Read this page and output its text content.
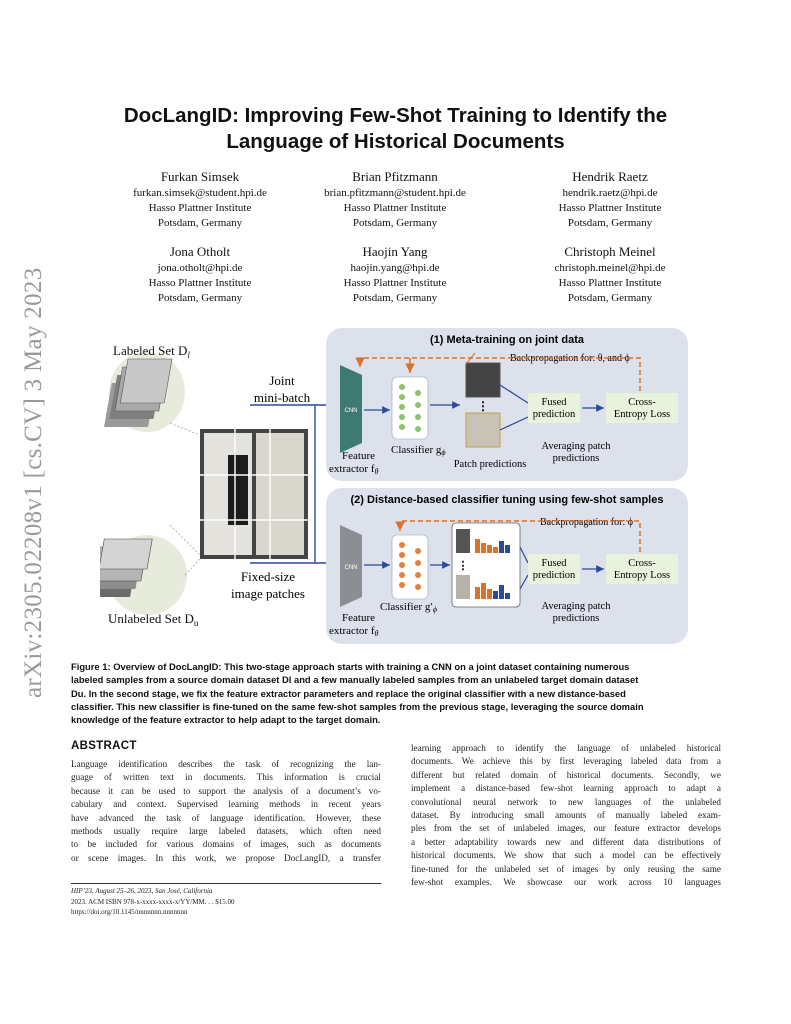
arXiv:2305.02208v1 [cs.CV] 3 May 2023
DocLangID: Improving Few-Shot Training to Identify the
Language of Historical Documents
Furkan Simsek
furkan.simsek@student.hpi.de
Hasso Plattner Institute
Potsdam, Germany
Brian Pfitzmann
brian.pfitzmann@student.hpi.de
Hasso Plattner Institute
Potsdam, Germany
Hendrik Raetz
hendrik.raetz@hpi.de
Hasso Plattner Institute
Potsdam, Germany
Jona Otholt
jona.otholt@hpi.de
Hasso Plattner Institute
Potsdam, Germany
Haojin Yang
haojin.yang@hpi.de
Hasso Plattner Institute
Potsdam, Germany
Christoph Meinel
christoph.meinel@hpi.de
Hasso Plattner Institute
Potsdam, Germany
Labeled Set $D_l$
Unlabeled Set $D_u$
Joint mini-batch
Fixed-size image patches
(1) Meta-training on joint data
CNN
Feature extractor fθ
Classifier gϕ
⋮
Backpropagation for: θ, and ϕ
Fused prediction
Cross-Entropy Loss
Averaging patch predictions
Patch predictions
(2) Distance-based classifier tuning using few-shot samples
CNN
Feature extractor fθ
Classifier g′ϕ
⋮
Backpropagation for: ϕ
Fused prediction
Cross-Entropy Loss
Averaging patch predictions
Figure 1: Overview of DocLangID: This two-stage approach starts with training a CNN on a joint dataset containing numerous
labeled samples from a source domain dataset Dl and a few manually labeled samples from an unlabeled target domain dataset
Du. In the second stage, we fix the feature extractor parameters and replace the original classifier with a new distance-based
classifier. This new classifier is fine-tuned on the same few-shot samples from the previous stage, leveraging the source domain
knowledge of the feature extractor to help adapt to the target domain.
ABSTRACT
Language identification describes the task of recognizing the lan-
guage of written text in documents. This information is crucial
because it can be used to support the analysis of a document’s vo-
cabulary and context. Supervised learning methods in recent years
have advanced the task of language identification. However, these
methods usually require large labeled datasets, which often need
to be included for various domains of images, such as documents
or scene images. In this work, we propose DocLangID, a transfer
learning approach to identify the language of unlabeled historical
documents. We achieve this by first leveraging labeled data from a
different but related domain of historical documents. Secondly, we
implement a distance-based few-shot learning approach to adapt a
convolutional neural network to new languages of the unlabeled
dataset. By introducing small amounts of manually labeled exam-
ples from the set of unlabeled images, our feature extractor develops
a better adaptability towards new and different data distributions of
historical documents. We show that such a model can be effectively
fine-tuned for the unlabeled set of images by only reusing the same
few-shot examples. We showcase our work across 10 languages
HIP’23, August 25–26, 2023, San José, California
2023. ACM ISBN 978-x-xxxx-xxxx-x/YY/MM. . . $15.00
https://doi.org/10.1145/nnnnnnn.nnnnnnn
